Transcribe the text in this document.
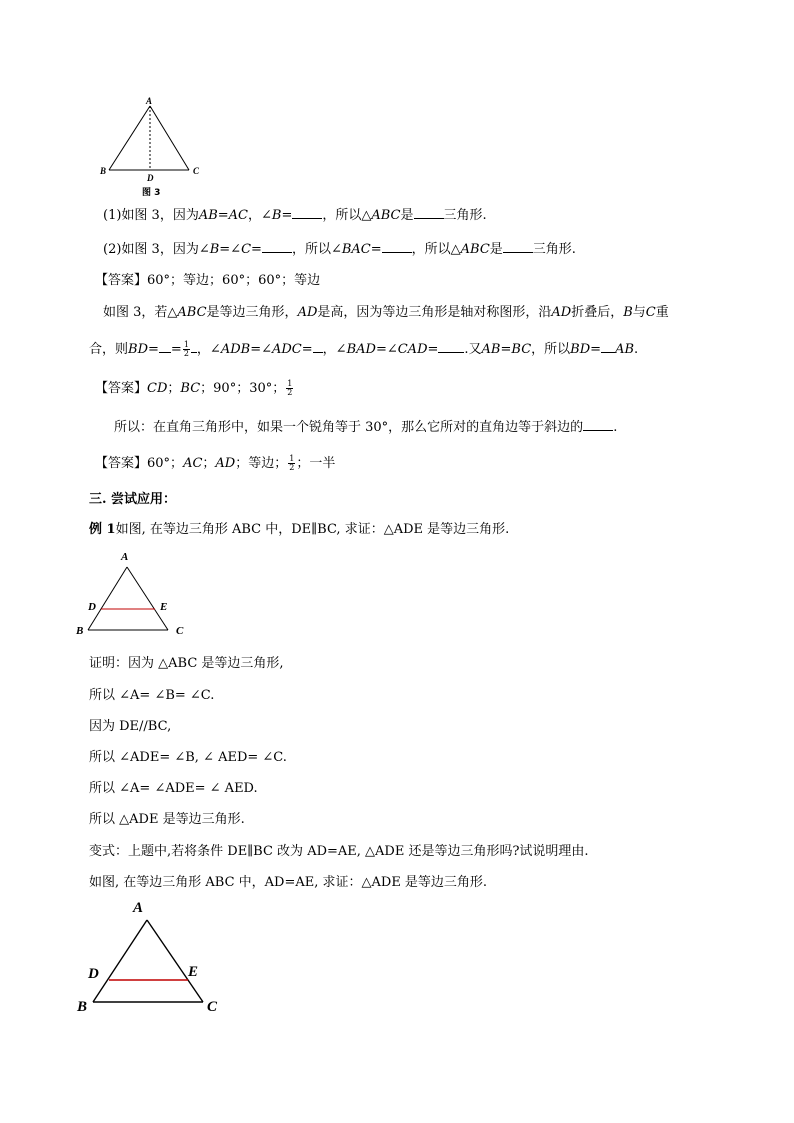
A
B	C
D
图 3
(1)如图 3，因为AB=AC，∠B= ，所以△ABC是 三角形.
(2)如图 3，因为∠B=∠C= ，所以∠BAC= ，所以△ABC是 三角形.
【答案】60°；等边；60°；60°；等边
如图 3，若△ABC是等边三角形，AD是高，因为等边三角形是轴对称图形，沿AD折叠后，B与C重
合，则$BD= = \frac{1}{2}$ ，∠ADB=∠ADC= ，∠BAD=∠CAD= .又AB=BC，所以BD= AB.
【答案】CD；BC；90°；30°； $\frac{1}{2}$
所以：在直角三角形中，如果一个锐角等于 30°，那么它所对的直角边等于斜边的 .
【答案】60°；AC；AD；等边； $\frac{1}{2}$ ；一半
三. 尝试应用：
例 1如图, 在等边三角形 ABC 中，DE∥BC, 求证：△ADE 是等边三角形.
A
D	E
B	C
证明：因为 △ABC 是等边三角形,
所以 ∠A= ∠B= ∠C.
因为 DE//BC,
所以 ∠ADE= ∠B, ∠ AED= ∠C.
所以 ∠A= ∠ADE= ∠ AED.
所以 △ADE 是等边三角形.
变式：上题中,若将条件 DE∥BC 改为 AD=AE, △ADE 还是等边三角形吗?试说明理由.
如图, 在等边三角形 ABC 中，AD=AE, 求证：△ADE 是等边三角形.
A
D	E
B	C
